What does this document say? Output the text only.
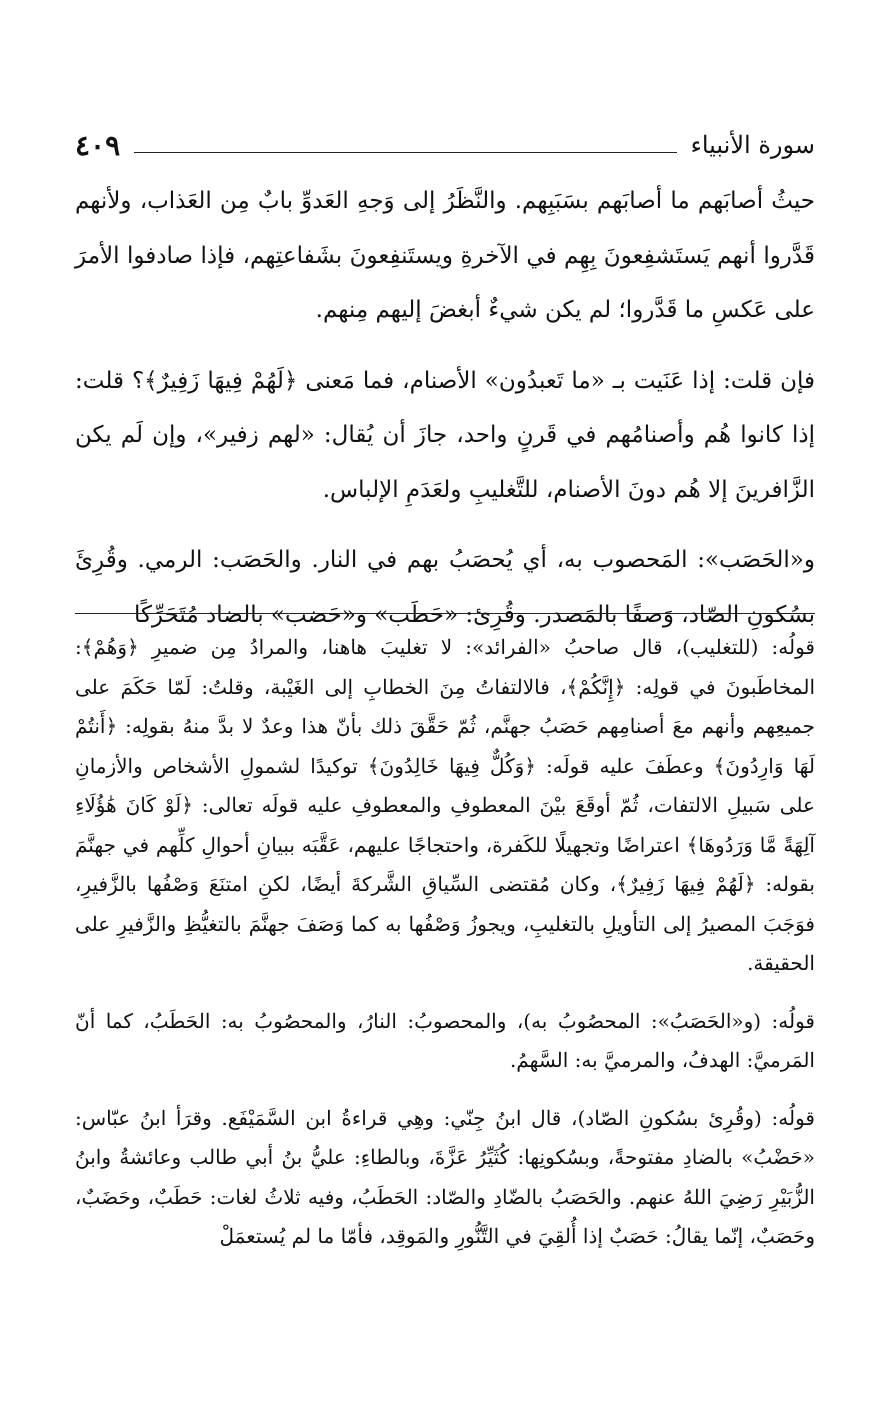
سورة الأنبياء
٤٠٩

حيثُ أصابَهم ما أصابَهم بسَبَبِهم. والنَّظَرُ إلى وَجهِ العَدوِّ بابٌ مِن العَذاب، ولأنهم قَدَّروا أنهم يَستَشفِعونَ بِهِم في الآخرةِ ويستَنفِعونَ بشَفاعتِهم، فإذا صادفوا الأمرَ على عَكسِ ما قَدَّروا؛ لم يكن شيءٌ أبغضَ إليهم مِنهم.

فإن قلت: إذا عَنَيت بـ «ما تَعبدُون» الأصنام، فما مَعنى ﴿لَهُمْ فِيهَا زَفِيرٌ﴾؟ قلت: إذا كانوا هُم وأصنامُهم في قَرنٍ واحد، جازَ أن يُقال: «لهم زفير»، وإن لَم يكن الزَّافرينَ إلا هُم دونَ الأصنام، للتَّغليبِ ولعَدَمِ الإلباس.

و«الحَصَب»: المَحصوب به، أي يُحصَبُ بهم في النار. والحَصَب: الرمي. وقُرِئَ بسُكونِ الصّاد، وَصفًا بالمَصدر. وقُرِئ: «حَطَب» و«حَضب» بالضاد مُتَحَرِّكًا

قولُه: (للتغليب)، قال صاحبُ «الفرائد»: لا تغليبَ هاهنا، والمرادُ مِن ضميرِ ﴿وَهُمْ﴾: المخاطَبونَ في قولِه: ﴿إِنَّكُمْ﴾، فالالتفاتُ مِنَ الخطابِ إلى الغَيْبة، وقلتُ: لَمّا حَكَمَ على جميعِهم وأنهم معَ أصنامِهم حَصَبُ جهنَّم، ثُمّ حَقَّقَ ذلك بأنّ هذا وعدٌ لا بدَّ منهُ بقولِه: ﴿أَنتُمْ لَهَا وَارِدُونَ﴾ وعطَفَ عليه قولَه: ﴿وَكُلٌّ فِيهَا خَالِدُونَ﴾ توكيدًا لشمولِ الأشخاص والأزمانِ على سَبيلِ الالتفات، ثُمّ أوقَعَ بيْنَ المعطوفِ والمعطوفِ عليه قولَه تعالى: ﴿لَوْ كَانَ هَٰؤُلَاءِ آلِهَةً مَّا وَرَدُوهَا﴾ اعتراضًا وتجهيلًا للكَفرة، واحتجاجًا عليهم، عَقَّبَه ببيانِ أحوالِ كلِّهم في جهنَّمَ بقوله: ﴿لَهُمْ فِيهَا زَفِيرٌ﴾، وكان مُقتضى السِّياقِ الشَّركةَ أيضًا، لكنِ امتنَعَ وَصْفُها بالزَّفيرِ، فوَجَبَ المصيرُ إلى التأويلِ بالتغليبِ، ويجوزُ وَصْفُها به كما وَصَفَ جهنَّمَ بالتغيُّظِ والزَّفيرِ على الحقيقة.

قولُه: (و«الحَصَبُ»: المحصُوبُ به)، والمحصوبُ: النارُ، والمحصُوبُ به: الحَطَبُ، كما أنّ المَرميَّ: الهدفُ، والمرميَّ به: السَّهمُ.

قولُه: (وقُرِئ بسُكونِ الصّاد)، قال ابنُ جِنّي: وهِي قراءةُ ابن السَّمَيْفَع. وقرَأ ابنُ عبّاس: «حَضْبُ» بالضادِ مفتوحةً، وبسُكونِها: كُثَيِّرُ عَزَّةَ، وبالطاءِ: عليُّ بنُ أبي طالب وعائشةُ وابنُ الزُّبَيْرِ رَضِيَ اللهُ عنهم. والحَصَبُ بالضّادِ والصّاد: الحَطَبُ، وفيه ثلاثُ لغات: حَطَبٌ، وحَضَبٌ، وحَصَبٌ، إنّما يقالُ: حَصَبٌ إذا أُلقِيَ في التَّنُّورِ والمَوقِد، فأمّا ما لم يُستعمَلْ
